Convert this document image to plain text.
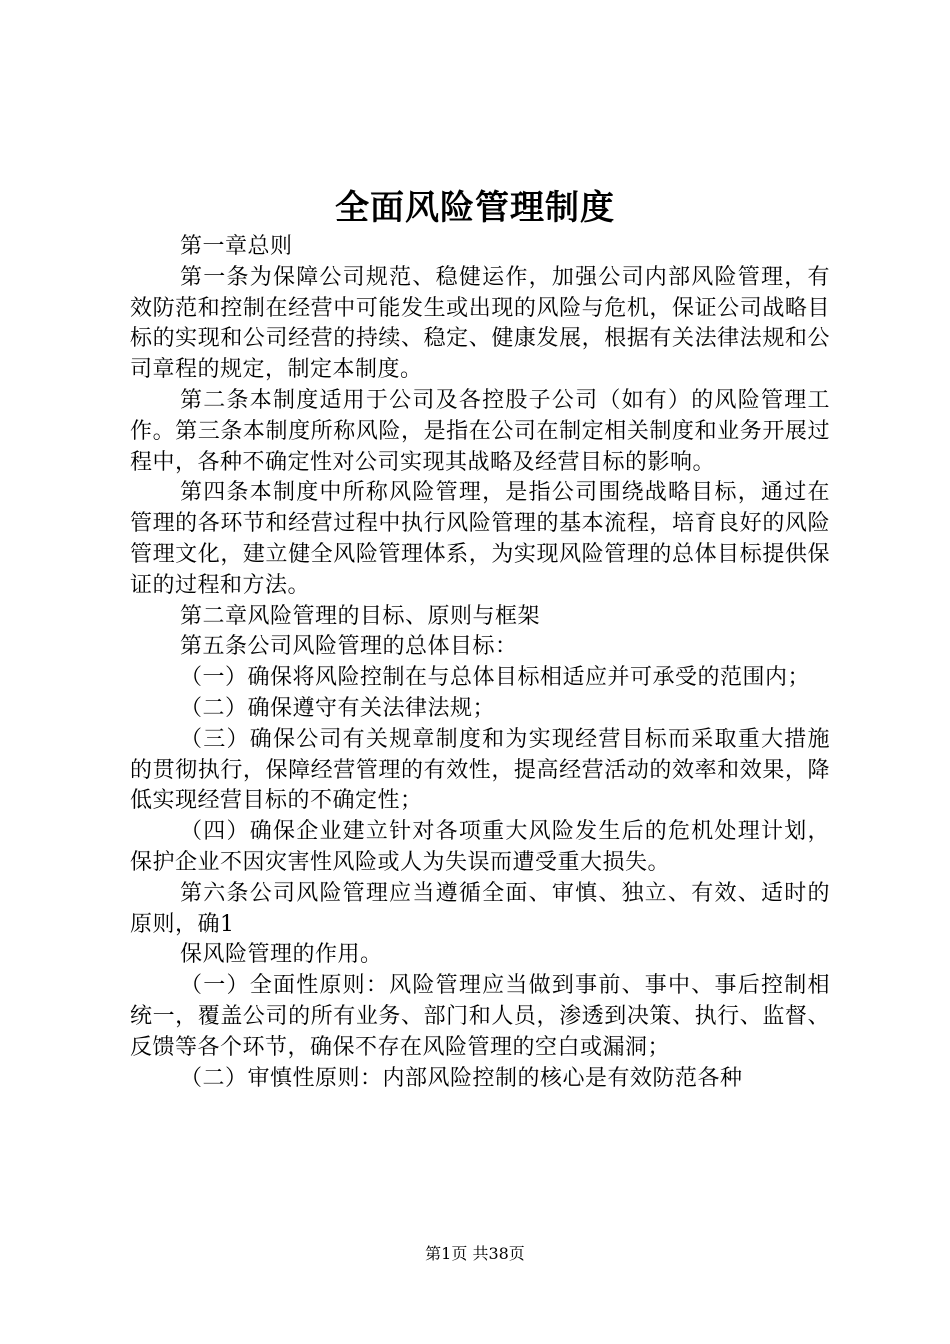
全面风险管理制度

第一章总则

第一条为保障公司规范、稳健运作，加强公司内部风险管理，有效防范和控制在经营中可能发生或出现的风险与危机，保证公司战略目标的实现和公司经营的持续、稳定、健康发展，根据有关法律法规和公司章程的规定，制定本制度。

第二条本制度适用于公司及各控股子公司（如有）的风险管理工作。第三条本制度所称风险，是指在公司在制定相关制度和业务开展过程中，各种不确定性对公司实现其战略及经营目标的影响。

第四条本制度中所称风险管理，是指公司围绕战略目标，通过在管理的各环节和经营过程中执行风险管理的基本流程，培育良好的风险管理文化，建立健全风险管理体系，为实现风险管理的总体目标提供保证的过程和方法。

第二章风险管理的目标、原则与框架

第五条公司风险管理的总体目标：

（一）确保将风险控制在与总体目标相适应并可承受的范围内；

（二）确保遵守有关法律法规；

（三）确保公司有关规章制度和为实现经营目标而采取重大措施的贯彻执行，保障经营管理的有效性，提高经营活动的效率和效果，降低实现经营目标的不确定性；

（四）确保企业建立针对各项重大风险发生后的危机处理计划，保护企业不因灾害性风险或人为失误而遭受重大损失。

第六条公司风险管理应当遵循全面、审慎、独立、有效、适时的原则，确1

保风险管理的作用。

（一）全面性原则：风险管理应当做到事前、事中、事后控制相统一，覆盖公司的所有业务、部门和人员，渗透到决策、执行、监督、反馈等各个环节，确保不存在风险管理的空白或漏洞；

（二）审慎性原则：内部风险控制的核心是有效防范各种

第1页 共38页
